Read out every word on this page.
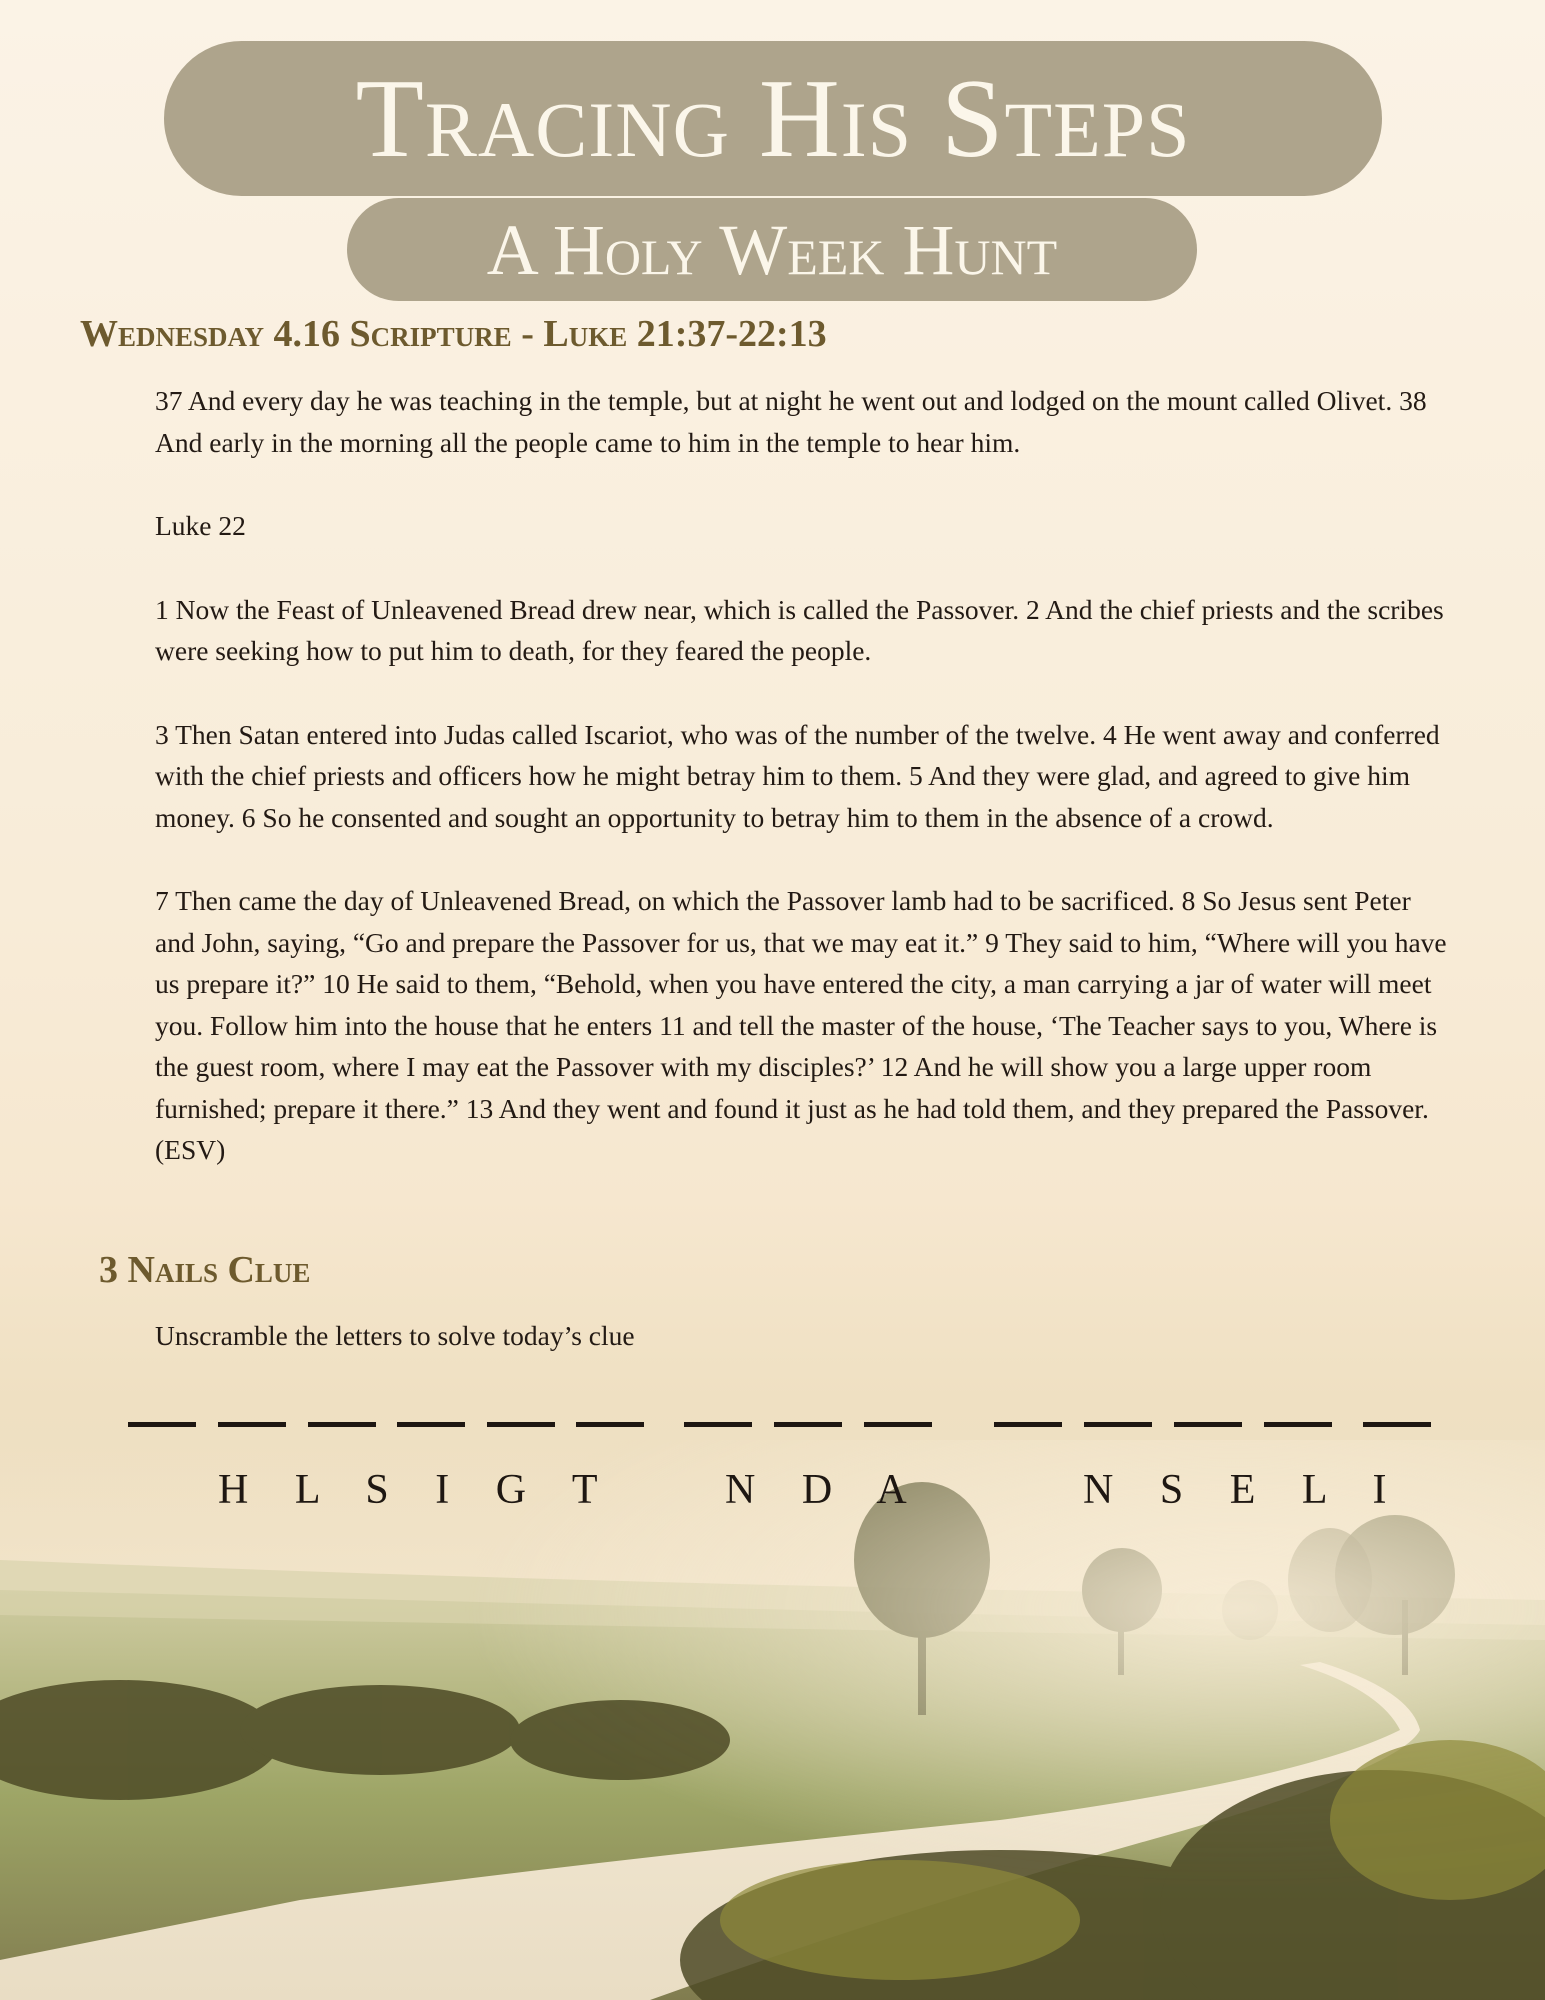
Tracing His Steps
A Holy Week Hunt
Wednesday 4.16 Scripture - Luke 21:37-22:13

37 And every day he was teaching in the temple, but at night he went out and lodged on the mount called Olivet. 38 And early in the morning all the people came to him in the temple to hear him.

Luke 22

1 Now the Feast of Unleavened Bread drew near, which is called the Passover. 2 And the chief priests and the scribes were seeking how to put him to death, for they feared the people.

3 Then Satan entered into Judas called Iscariot, who was of the number of the twelve. 4 He went away and conferred with the chief priests and officers how he might betray him to them. 5 And they were glad, and agreed to give him money. 6 So he consented and sought an opportunity to betray him to them in the absence of a crowd.

7 Then came the day of Unleavened Bread, on which the Passover lamb had to be sacrificed. 8 So Jesus sent Peter and John, saying, “Go and prepare the Passover for us, that we may eat it.” 9 They said to him, “Where will you have us prepare it?” 10 He said to them, “Behold, when you have entered the city, a man carrying a jar of water will meet you. Follow him into the house that he enters 11 and tell the master of the house, ‘The Teacher says to you, Where is the guest room, where I may eat the Passover with my disciples?’ 12 And he will show you a large upper room furnished; prepare it there.” 13 And they went and found it just as he had told them, and they prepared the Passover. (ESV)

3 Nails Clue
Unscramble the letters to solve today’s clue
H L S I G T	N D A	N S E L I
